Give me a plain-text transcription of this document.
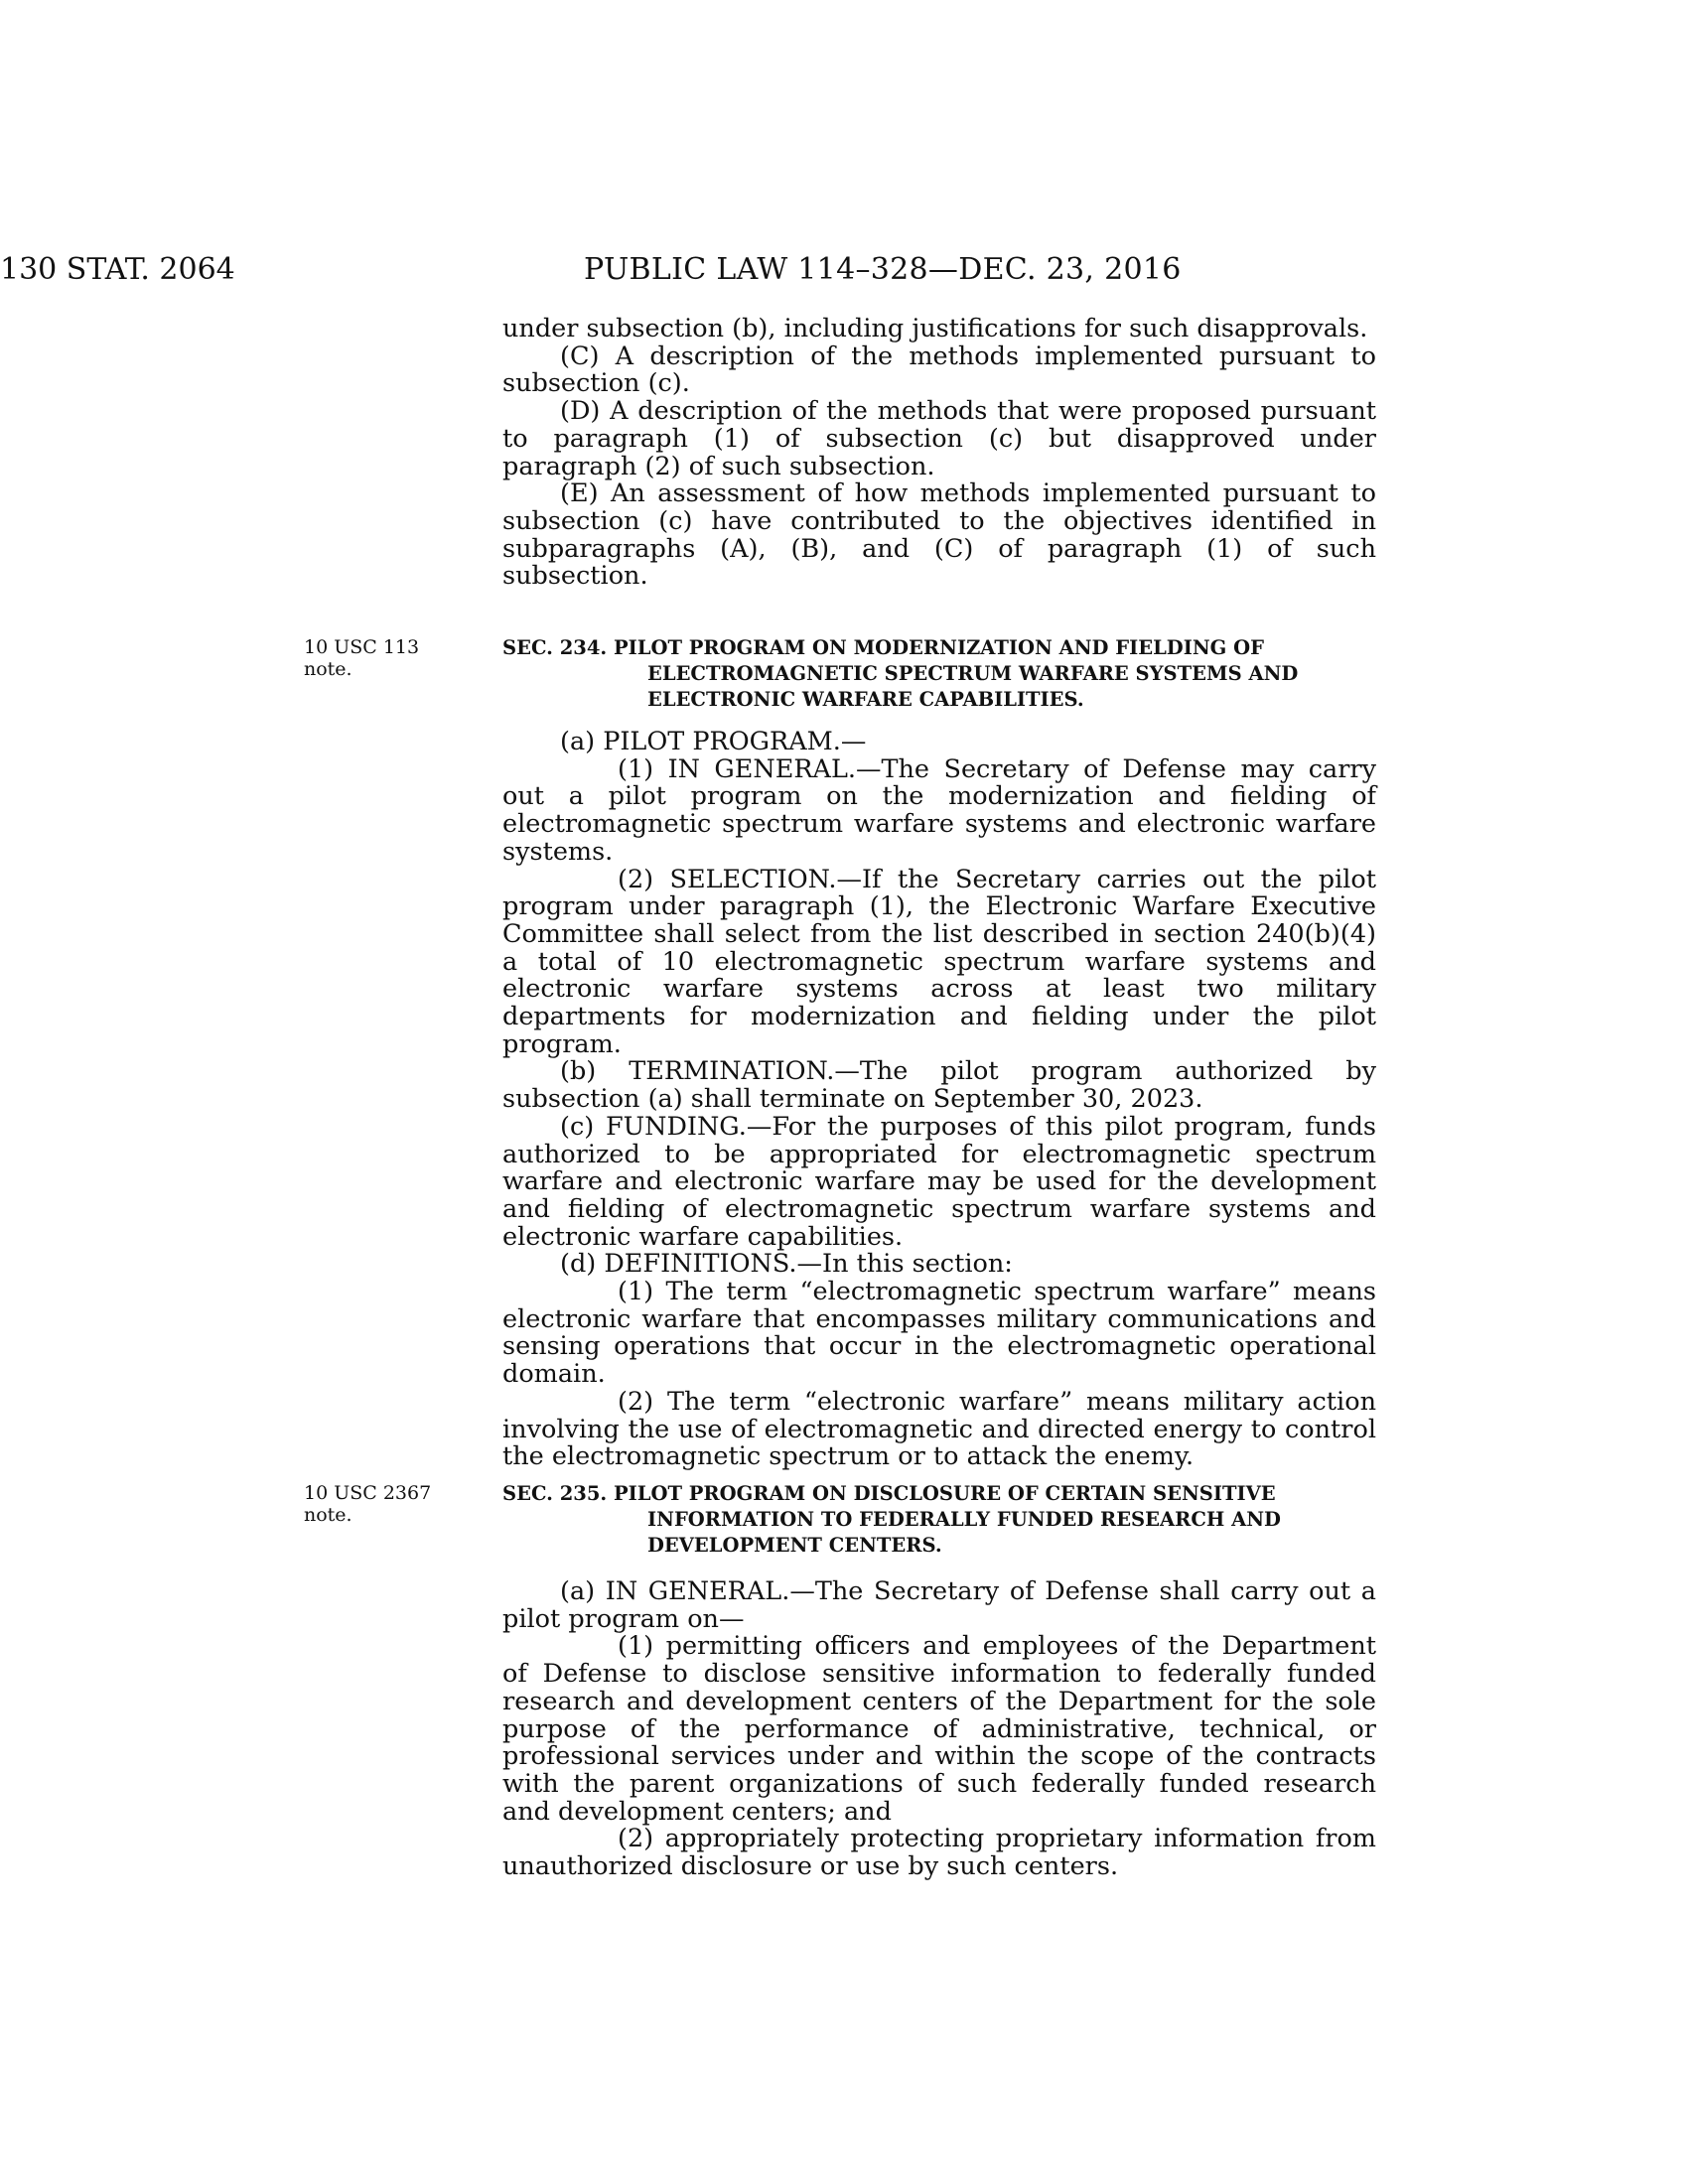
130 STAT. 2064	PUBLIC LAW 114–328—DEC. 23, 2016

under subsection (b), including justifications for such disapprovals.

(C) A description of the methods implemented pursuant to subsection (c).

(D) A description of the methods that were proposed pursuant to paragraph (1) of subsection (c) but disapproved under paragraph (2) of such subsection.

(E) An assessment of how methods implemented pursuant to subsection (c) have contributed to the objectives identified in subparagraphs (A), (B), and (C) of paragraph (1) of such subsection.

10 USC 113 note.
SEC. 234. PILOT PROGRAM ON MODERNIZATION AND FIELDING OF
ELECTROMAGNETIC SPECTRUM WARFARE SYSTEMS AND ELECTRONIC WARFARE CAPABILITIES.

(a) PILOT PROGRAM.—

(1) IN GENERAL.—The Secretary of Defense may carry out a pilot program on the modernization and fielding of electromagnetic spectrum warfare systems and electronic warfare systems.

(2) SELECTION.—If the Secretary carries out the pilot program under paragraph (1), the Electronic Warfare Executive Committee shall select from the list described in section 240(b)(4) a total of 10 electromagnetic spectrum warfare systems and electronic warfare systems across at least two military departments for modernization and fielding under the pilot program.

(b) TERMINATION.—The pilot program authorized by subsection (a) shall terminate on September 30, 2023.

(c) FUNDING.—For the purposes of this pilot program, funds authorized to be appropriated for electromagnetic spectrum warfare and electronic warfare may be used for the development and fielding of electromagnetic spectrum warfare systems and electronic warfare capabilities.

(d) DEFINITIONS.—In this section:

(1) The term “electromagnetic spectrum warfare” means electronic warfare that encompasses military communications and sensing operations that occur in the electromagnetic operational domain.

(2) The term “electronic warfare” means military action involving the use of electromagnetic and directed energy to control the electromagnetic spectrum or to attack the enemy.

10 USC 2367 note.
SEC. 235. PILOT PROGRAM ON DISCLOSURE OF CERTAIN SENSITIVE
INFORMATION TO FEDERALLY FUNDED RESEARCH AND DEVELOPMENT CENTERS.

(a) IN GENERAL.—The Secretary of Defense shall carry out a pilot program on—

(1) permitting officers and employees of the Department of Defense to disclose sensitive information to federally funded research and development centers of the Department for the sole purpose of the performance of administrative, technical, or professional services under and within the scope of the contracts with the parent organizations of such federally funded research and development centers; and

(2) appropriately protecting proprietary information from unauthorized disclosure or use by such centers.
